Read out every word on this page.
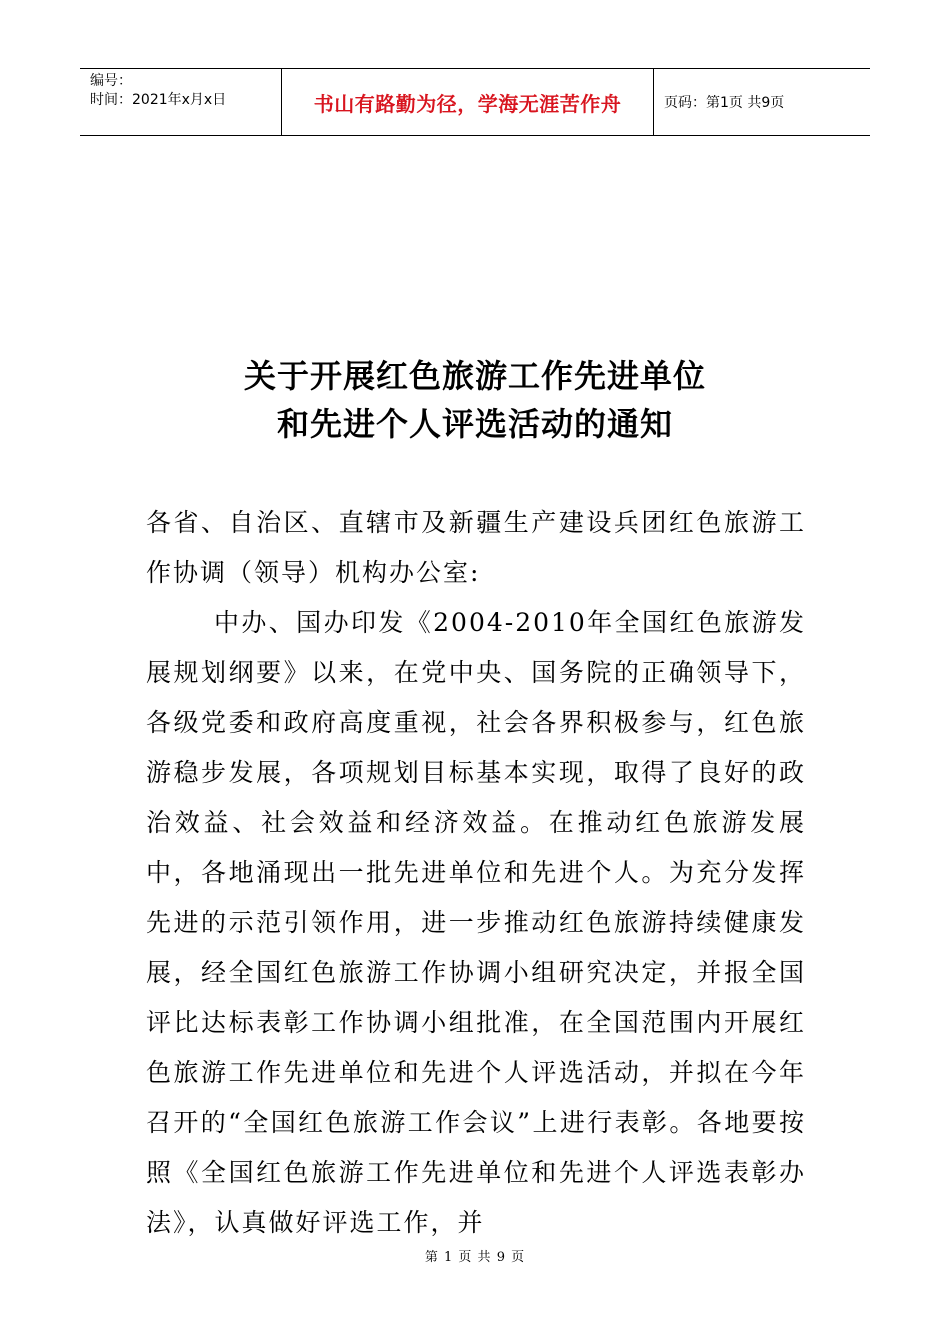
编号：
时间：2021年x月x日	书山有路勤为径，学海无涯苦作舟	页码：第1页 共9页
关于开展红色旅游工作先进单位
和先进个人评选活动的通知

各省、自治区、直辖市及新疆生产建设兵团红色旅游工作协调（领导）机构办公室:

中办、国办印发《2004-2010年全国红色旅游发展规划纲要》以来，在党中央、国务院的正确领导下，各级党委和政府高度重视，社会各界积极参与，红色旅游稳步发展，各项规划目标基本实现，取得了良好的政治效益、社会效益和经济效益。在推动红色旅游发展中，各地涌现出一批先进单位和先进个人。为充分发挥先进的示范引领作用，进一步推动红色旅游持续健康发展，经全国红色旅游工作协调小组研究决定，并报全国评比达标表彰工作协调小组批准，在全国范围内开展红色旅游工作先进单位和先进个人评选活动，并拟在今年召开的“全国红色旅游工作会议”上进行表彰。各地要按照《全国红色旅游工作先进单位和先进个人评选表彰办法》，认真做好评选工作，并

第 1 页 共 9 页
